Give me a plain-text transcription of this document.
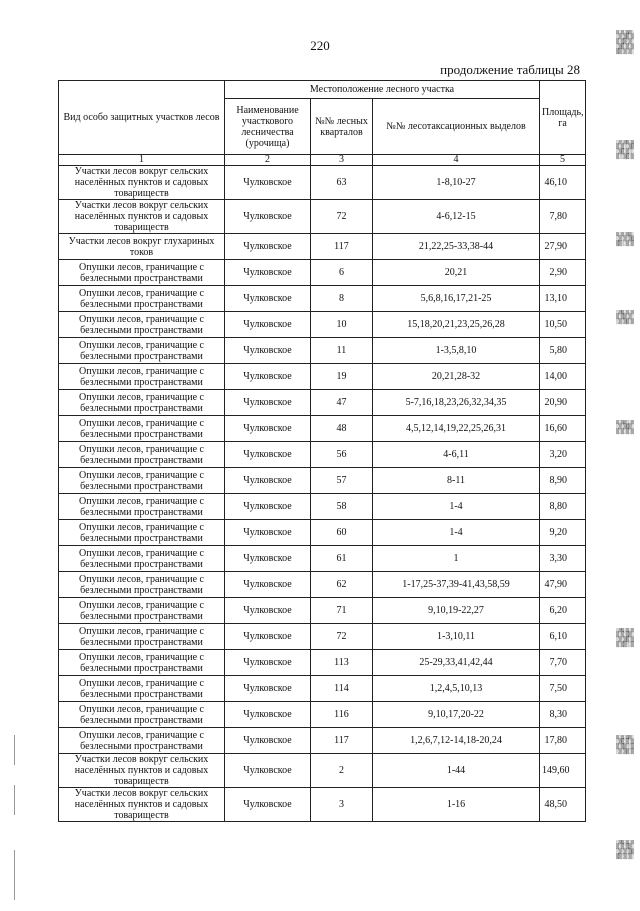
220
продолжение таблицы 28
Вид особо защитных участков лесов	Местоположение лесного участка			Площадь, га
	Наименование участкового лесничества (урочища)	№№ лесных кварталов	№№ лесотаксационных выделов	
1	2	3	4	5
Участки лесов вокруг сельских населённых пунктов и садовых товариществ	Чулковское	63	1-8,10-27	46,10
Участки лесов вокруг сельских населённых пунктов и садовых товариществ	Чулковское	72	4-6,12-15	7,80
Участки лесов вокруг глухариных токов	Чулковское	117	21,22,25-33,38-44	27,90
Опушки лесов, граничащие с безлесными пространствами	Чулковское	6	20,21	2,90
Опушки лесов, граничащие с безлесными пространствами	Чулковское	8	5,6,8,16,17,21-25	13,10
Опушки лесов, граничащие с безлесными пространствами	Чулковское	10	15,18,20,21,23,25,26,28	10,50
Опушки лесов, граничащие с безлесными пространствами	Чулковское	11	1-3,5,8,10	5,80
Опушки лесов, граничащие с безлесными пространствами	Чулковское	19	20,21,28-32	14,00
Опушки лесов, граничащие с безлесными пространствами	Чулковское	47	5-7,16,18,23,26,32,34,35	20,90
Опушки лесов, граничащие с безлесными пространствами	Чулковское	48	4,5,12,14,19,22,25,26,31	16,60
Опушки лесов, граничащие с безлесными пространствами	Чулковское	56	4-6,11	3,20
Опушки лесов, граничащие с безлесными пространствами	Чулковское	57	8-11	8,90
Опушки лесов, граничащие с безлесными пространствами	Чулковское	58	1-4	8,80
Опушки лесов, граничащие с безлесными пространствами	Чулковское	60	1-4	9,20
Опушки лесов, граничащие с безлесными пространствами	Чулковское	61	1	3,30
Опушки лесов, граничащие с безлесными пространствами	Чулковское	62	1-17,25-37,39-41,43,58,59	47,90
Опушки лесов, граничащие с безлесными пространствами	Чулковское	71	9,10,19-22,27	6,20
Опушки лесов, граничащие с безлесными пространствами	Чулковское	72	1-3,10,11	6,10
Опушки лесов, граничащие с безлесными пространствами	Чулковское	113	25-29,33,41,42,44	7,70
Опушки лесов, граничащие с безлесными пространствами	Чулковское	114	1,2,4,5,10,13	7,50
Опушки лесов, граничащие с безлесными пространствами	Чулковское	116	9,10,17,20-22	8,30
Опушки лесов, граничащие с безлесными пространствами	Чулковское	117	1,2,6,7,12-14,18-20,24	17,80
Участки лесов вокруг сельских населённых пунктов и садовых товариществ	Чулковское	2	1-44	149,60
Участки лесов вокруг сельских населённых пунктов и садовых товариществ	Чулковское	3	1-16	48,50
▒░▒░▒▒░
░▒░▒▒░▒
▒░▒▒░▒░
░▒▒░▒░▒
▒▒░▒░▒░
░▒░▒▒░▒
▒░▒░░▒▒
░▒▒░▒░░
▒░░▒▒░▒
▒░▒░▒▒░
░▒░▒░▒▒
▒▒░░▒░▒
░▒▒░▒░▒
▒░▒▒░▒░
░▒░▒▒░▒
▒░▒▒░░▒
░▒░▒▒▒░
▒░▒░▒░▒
░▒▒░▒░▒
▒░▒░▒▒░
░▒░▒▒░▒
▒░▒▒░░▒
▒░▒░▒▒░
░▒▒░▒░▒
▒░▒▒░░▒
░▒░▒▒░▒
░▒▒░▒░▒
▒░▒░▒▒░
░▒░▒░▒▒
▒▒░▒░▒░
